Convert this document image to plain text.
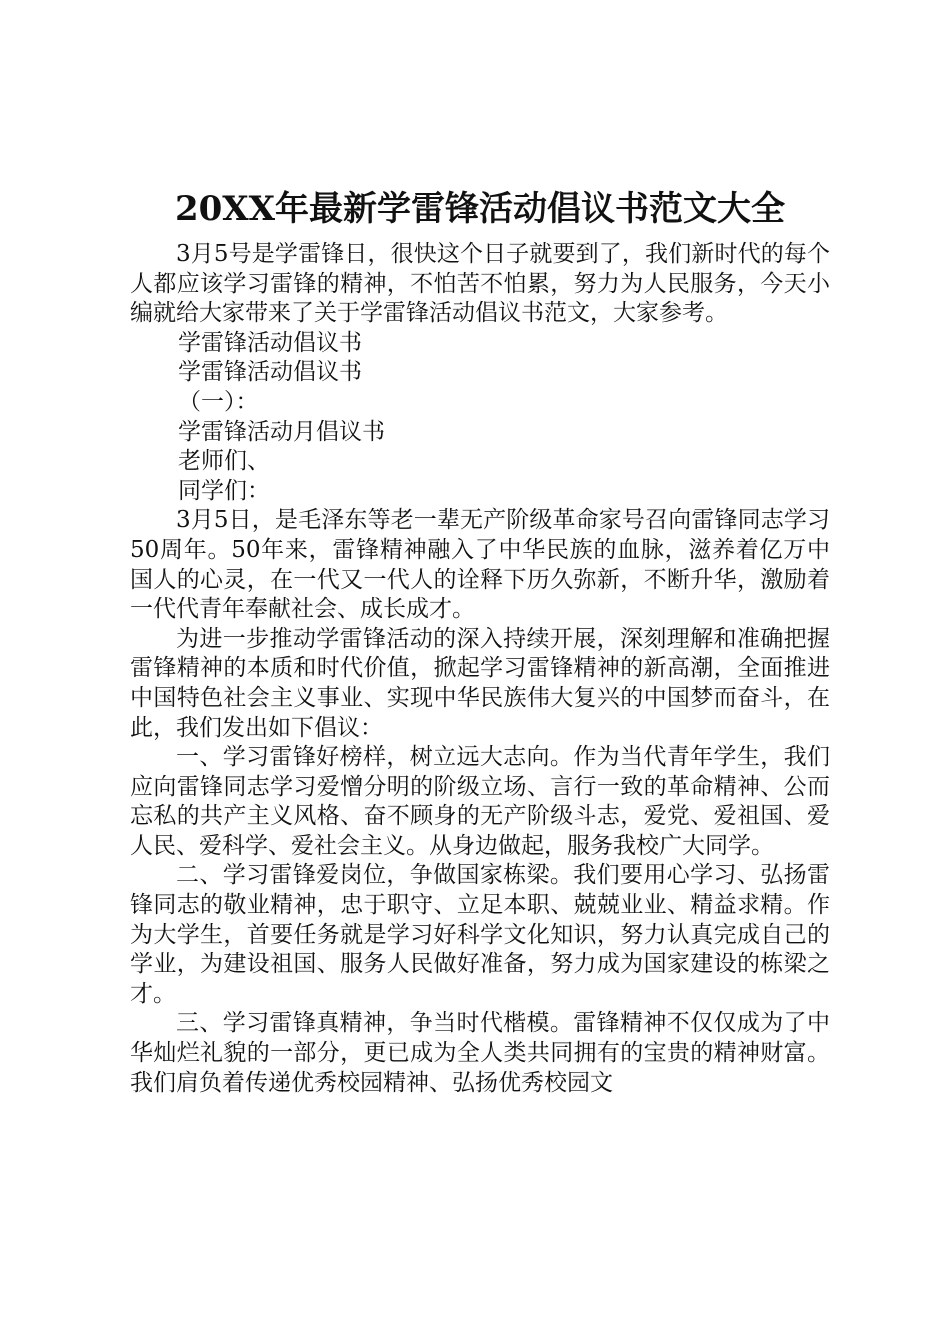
20XX年最新学雷锋活动倡议书范文大全

3月5号是学雷锋日，很快这个日子就要到了，我们新时代的每个人都应该学习雷锋的精神，不怕苦不怕累，努力为人民服务，今天小编就给大家带来了关于学雷锋活动倡议书范文，大家参考。

学雷锋活动倡议书

学雷锋活动倡议书

（一）：

学雷锋活动月倡议书

老师们、

同学们：

3月5日，是毛泽东等老一辈无产阶级革命家号召向雷锋同志学习50周年。50年来，雷锋精神融入了中华民族的血脉，滋养着亿万中国人的心灵，在一代又一代人的诠释下历久弥新，不断升华，激励着一代代青年奉献社会、成长成才。

为进一步推动学雷锋活动的深入持续开展，深刻理解和准确把握雷锋精神的本质和时代价值，掀起学习雷锋精神的新高潮，全面推进中国特色社会主义事业、实现中华民族伟大复兴的中国梦而奋斗，在此，我们发出如下倡议：

一、学习雷锋好榜样，树立远大志向。作为当代青年学生，我们应向雷锋同志学习爱憎分明的阶级立场、言行一致的革命精神、公而忘私的共产主义风格、奋不顾身的无产阶级斗志，爱党、爱祖国、爱人民、爱科学、爱社会主义。从身边做起，服务我校广大同学。

二、学习雷锋爱岗位，争做国家栋梁。我们要用心学习、弘扬雷锋同志的敬业精神，忠于职守、立足本职、兢兢业业、精益求精。作为大学生，首要任务就是学习好科学文化知识，努力认真完成自己的学业，为建设祖国、服务人民做好准备，努力成为国家建设的栋梁之才。

三、学习雷锋真精神，争当时代楷模。雷锋精神不仅仅成为了中华灿烂礼貌的一部分，更已成为全人类共同拥有的宝贵的精神财富。我们肩负着传递优秀校园精神、弘扬优秀校园文
